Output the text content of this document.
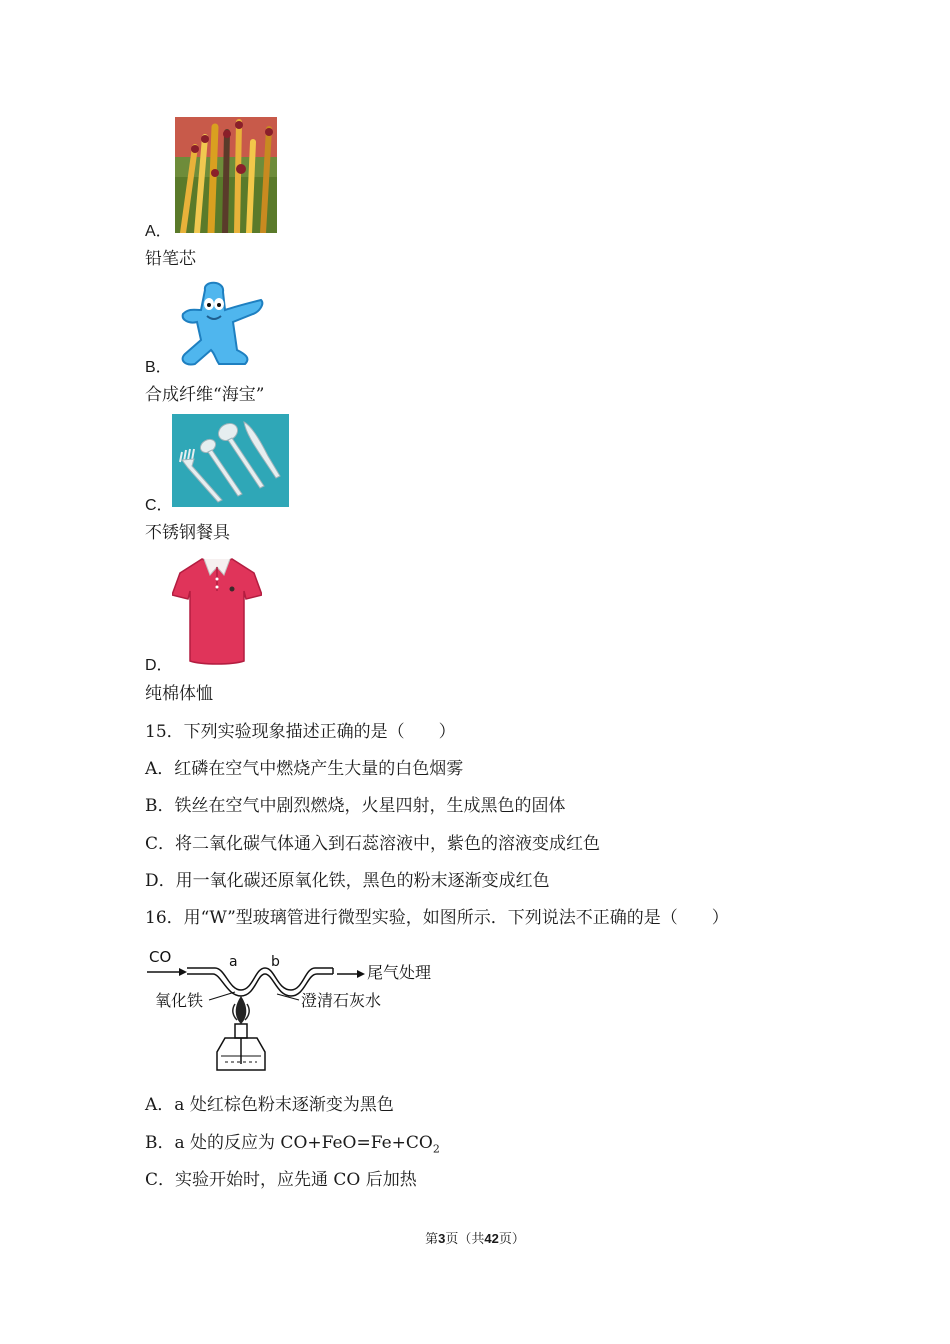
A．
铅笔芯
B．
合成纤维“海宝”
C．
不锈钢餐具
D．
纯棉体恤
15．下列实验现象描述正确的是（　　）
A．红磷在空气中燃烧产生大量的白色烟雾
B．铁丝在空气中剧烈燃烧，火星四射，生成黑色的固体
C．将二氧化碳气体通入到石蕊溶液中，紫色的溶液变成红色
D．用一氧化碳还原氧化铁，黑色的粉末逐渐变成红色
16．用“W”型玻璃管进行微型实验，如图所示．下列说法不正确的是（　　）
CO	a b
尾气处理
氧化铁	澄清石灰水
A．a 处红棕色粉末逐渐变为黑色
B．a 处的反应为 $CO+FeO=Fe+CO_2$
C．实验开始时，应先通 CO 后加热
第3页（共42页）
